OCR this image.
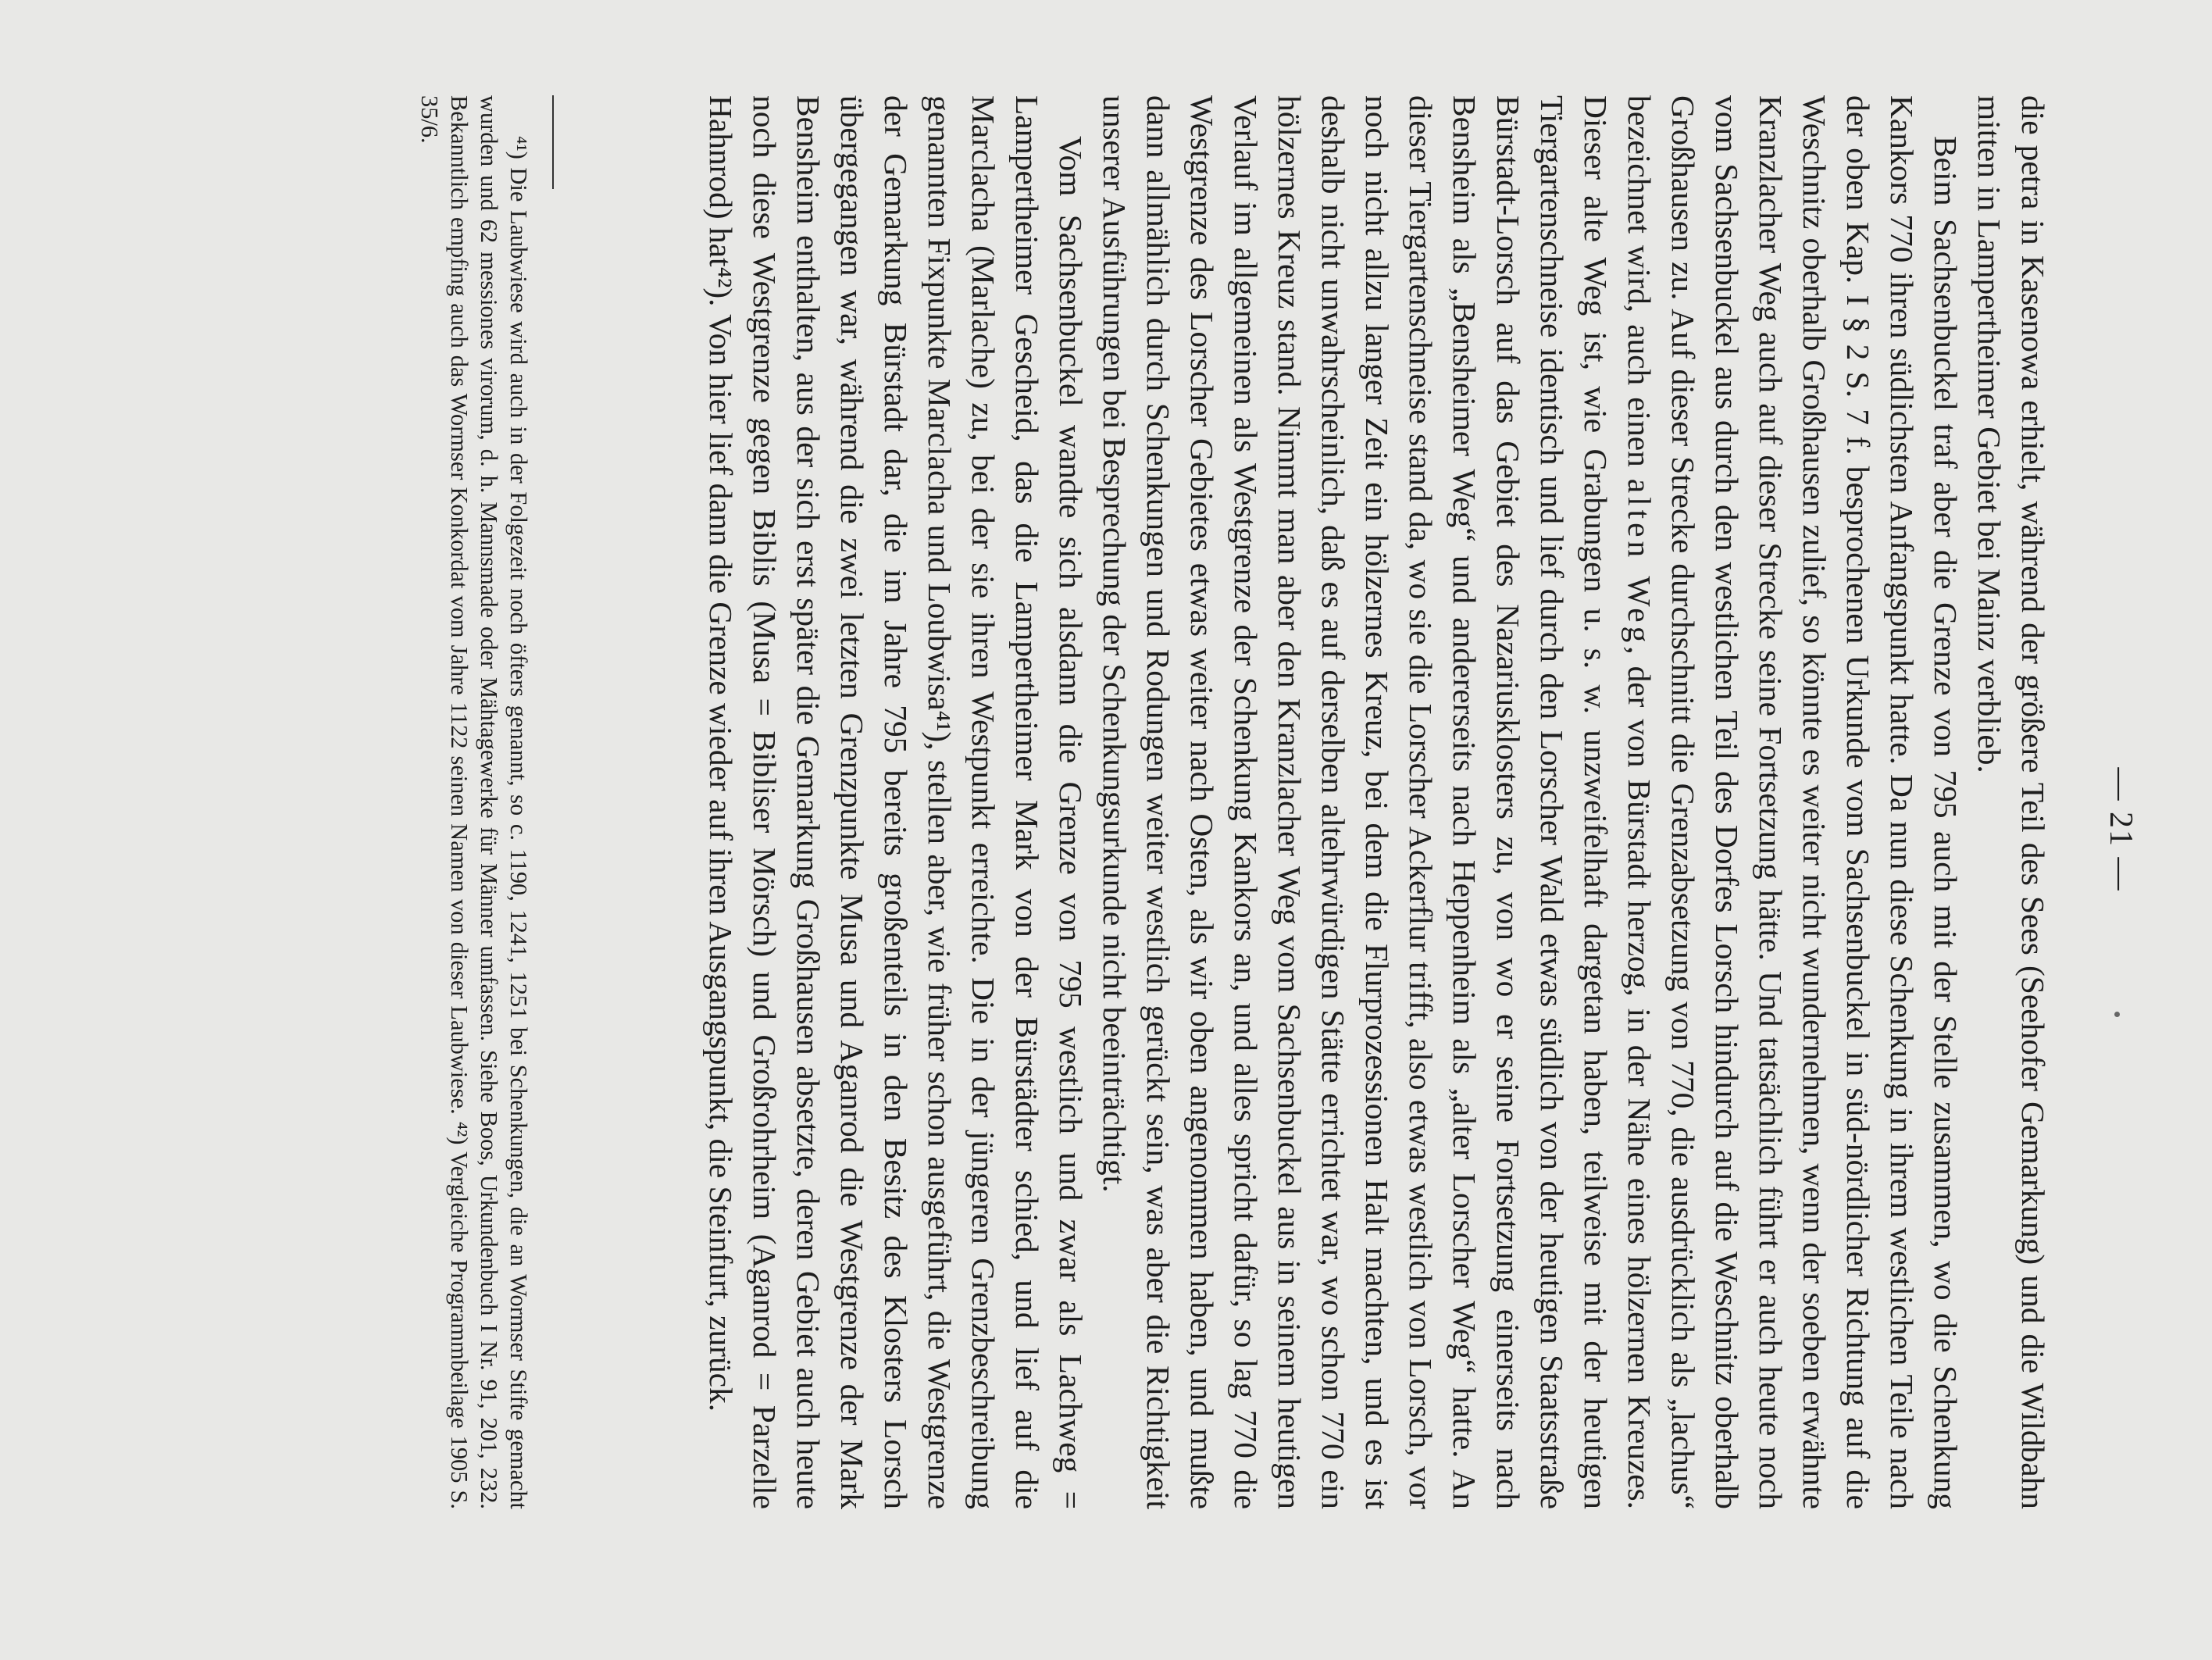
— 21 —

die petra in Kasenowa erhielt, während der größere Teil des Sees (Seehofer Gemarkung) und die Wildbahn mitten in Lampertheimer Gebiet bei Mainz verblieb.

Beim Sachsenbuckel traf aber die Grenze von 795 auch mit der Stelle zusammen, wo die Schenkung Kankors 770 ihren südlichsten Anfangspunkt hatte. Da nun diese Schenkung in ihrem westlichen Teile nach der oben Kap. I § 2 S. 7 f. besprochenen Urkunde vom Sachsenbuckel in süd-nördlicher Richtung auf die Weschnitz oberhalb Großhausen zulief, so könnte es weiter nicht wundernehmen, wenn der soeben erwähnte Kranzlacher Weg auch auf dieser Strecke seine Fortsetzung hätte. Und tatsächlich führt er auch heute noch vom Sachsenbuckel aus durch den westlichen Teil des Dorfes Lorsch hindurch auf die Weschnitz oberhalb Großhausen zu. Auf dieser Strecke durchschnitt die Grenzabsetzung von 770, die ausdrücklich als „lachus“ bezeichnet wird, auch einen alten Weg, der von Bürstadt herzog, in der Nähe eines hölzernen Kreuzes. Dieser alte Weg ist, wie Grabungen u. s. w. unzweifelhaft dargetan haben, teilweise mit der heutigen Tiergartenschneise identisch und lief durch den Lorscher Wald etwas südlich von der heutigen Staatsstraße Bürstadt-Lorsch auf das Gebiet des Nazariusklosters zu, von wo er seine Fortsetzung einerseits nach Bensheim als „Bensheimer Weg“ und andererseits nach Heppenheim als „alter Lorscher Weg“ hatte. An dieser Tiergartenschneise stand da, wo sie die Lorscher Ackerflur trifft, also etwas westlich von Lorsch, vor noch nicht allzu langer Zeit ein hölzernes Kreuz, bei dem die Flurprozessionen Halt machten, und es ist deshalb nicht unwahrscheinlich, daß es auf derselben altehrwürdigen Stätte errichtet war, wo schon 770 ein hölzernes Kreuz stand. Nimmt man aber den Kranzlacher Weg vom Sachsenbuckel aus in seinem heutigen Verlauf im allgemeinen als Westgrenze der Schenkung Kankors an, und alles spricht dafür, so lag 770 die Westgrenze des Lorscher Gebietes etwas weiter nach Osten, als wir oben angenommen haben, und mußte dann allmählich durch Schenkungen und Rodungen weiter westlich gerückt sein, was aber die Richtigkeit unserer Ausführungen bei Besprechung der Schenkungsurkunde nicht beeinträchtigt.

Vom Sachsenbuckel wandte sich alsdann die Grenze von 795 westlich und zwar als Lachweg = Lampertheimer Gescheid, das die Lampertheimer Mark von der Bürstädter schied, und lief auf die Marclacha (Marlache) zu, bei der sie ihren Westpunkt erreichte. Die in der jüngeren Grenzbeschreibung genannten Fixpunkte Marclacha und Loubwisa⁴¹), stellen aber, wie früher schon ausgeführt, die Westgrenze der Gemarkung Bürstadt dar, die im Jahre 795 bereits großenteils in den Besitz des Klosters Lorsch übergegangen war, während die zwei letzten Grenzpunkte Musa und Aganrod die Westgrenze der Mark Bensheim enthalten, aus der sich erst später die Gemarkung Großhausen absetzte, deren Gebiet auch heute noch diese Westgrenze gegen Biblis (Musa = Bibliser Mörsch) und Großrohrheim (Aganrod = Parzelle Hahnrod) hat⁴²). Von hier lief dann die Grenze wieder auf ihren Ausgangspunkt, die Steinfurt, zurück.

⁴¹) Die Laubwiese wird auch in der Folgezeit noch öfters genannt, so c. 1190, 1241, 1251 bei Schenkungen, die an Wormser Stifte gemacht wurden und 62 messiones virorum, d. h. Mannsmade oder Mähtagewerke für Männer umfassen. Siehe Boos, Urkundenbuch I Nr. 91, 201, 232. Bekanntlich empfing auch das Wormser Konkordat vom Jahre 1122 seinen Namen von dieser Laubwiese. ⁴²) Vergleiche Programmbeilage 1905 S. 35/6.
